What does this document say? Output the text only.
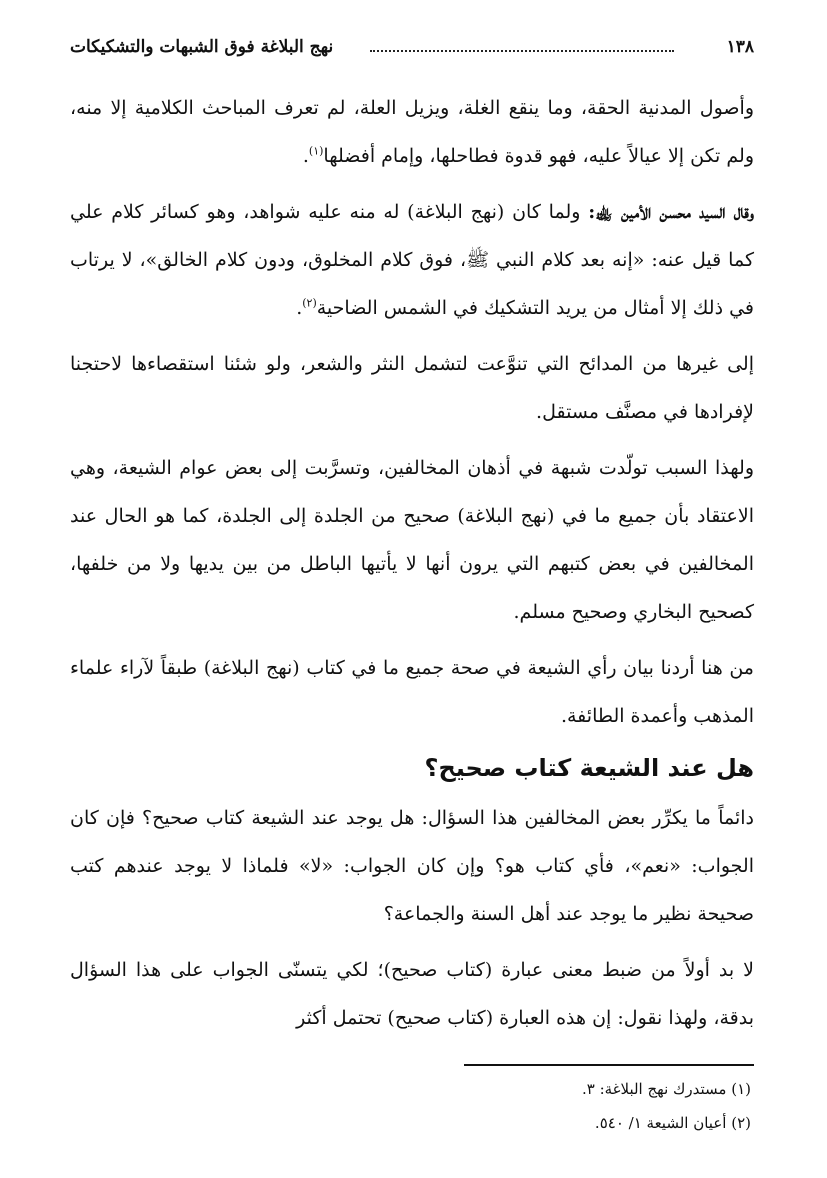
١٣٨
نهج البلاغة فوق الشبهات والتشكيكات

وأصول المدنية الحقة، وما ينقع الغلة، ويزيل العلة، لم تعرف المباحث الكلامية إلا منه، ولم تكن إلا عيالاً عليه، فهو قدوة فطاحلها، وإمام أفضلها$^{(١)}$.

وقال السيد محسن الأمين ﵀: ولما كان (نهج البلاغة) له منه عليه شواهد، وهو كسائر كلام علي كما قيل عنه: «إنه بعد كلام النبي ﷺ، فوق كلام المخلوق، ودون كلام الخالق»، لا يرتاب في ذلك إلا أمثال من يريد التشكيك في الشمس الضاحية$^{(٢)}$.

إلى غيرها من المدائح التي تنوَّعت لتشمل النثر والشعر، ولو شئنا استقصاءها لاحتجنا لإفرادها في مصنَّف مستقل.

ولهذا السبب تولّدت شبهة في أذهان المخالفين، وتسرَّبت إلى بعض عوام الشيعة، وهي الاعتقاد بأن جميع ما في (نهج البلاغة) صحيح من الجلدة إلى الجلدة، كما هو الحال عند المخالفين في بعض كتبهم التي يرون أنها لا يأتيها الباطل من بين يديها ولا من خلفها، كصحيح البخاري وصحيح مسلم.

من هنا أردنا بيان رأي الشيعة في صحة جميع ما في كتاب (نهج البلاغة) طبقاً لآراء علماء المذهب وأعمدة الطائفة.

هل عند الشيعة كتاب صحيح؟

دائماً ما يكرِّر بعض المخالفين هذا السؤال: هل يوجد عند الشيعة كتاب صحيح؟ فإن كان الجواب: «نعم»، فأي كتاب هو؟ وإن كان الجواب: «لا» فلماذا لا يوجد عندهم كتب صحيحة نظير ما يوجد عند أهل السنة والجماعة؟

لا بد أولاً من ضبط معنى عبارة (كتاب صحيح)؛ لكي يتسنّى الجواب على هذا السؤال بدقة، ولهذا نقول: إن هذه العبارة (كتاب صحيح) تحتمل أكثر

(١) مستدرك نهج البلاغة: ٣.
(٢) أعيان الشيعة ١/ ٥٤٠.
